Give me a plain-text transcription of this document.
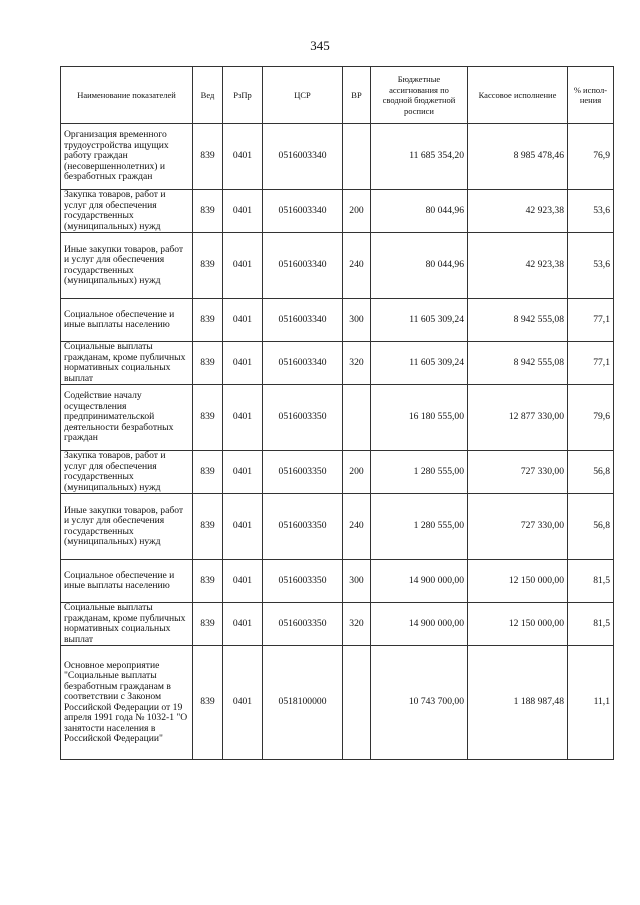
345
Наименование показателей	Вед	РзПр	ЦСР	ВР	Бюджетные ассигнования по сводной бюджетной росписи	Кассовое исполнение	% испол- нения
Организация временного трудоустройства ищущих работу граждан (несовершеннолетних) и безработных граждан	839	0401	0516003340		11 685 354,20	8 985 478,46	76,9
Закупка товаров, работ и услуг для обеспечения государственных (муниципальных) нужд	839	0401	0516003340	200	80 044,96	42 923,38	53,6
Иные закупки товаров, работ и услуг для обеспечения государственных (муниципальных) нужд	839	0401	0516003340	240	80 044,96	42 923,38	53,6
Социальное обеспечение и иные выплаты населению	839	0401	0516003340	300	11 605 309,24	8 942 555,08	77,1
Социальные выплаты гражданам, кроме публичных нормативных социальных выплат	839	0401	0516003340	320	11 605 309,24	8 942 555,08	77,1
Содействие началу осуществления предпринимательской деятельности безработных граждан	839	0401	0516003350		16 180 555,00	12 877 330,00	79,6
Закупка товаров, работ и услуг для обеспечения государственных (муниципальных) нужд	839	0401	0516003350	200	1 280 555,00	727 330,00	56,8
Иные закупки товаров, работ и услуг для обеспечения государственных (муниципальных) нужд	839	0401	0516003350	240	1 280 555,00	727 330,00	56,8
Социальное обеспечение и иные выплаты населению	839	0401	0516003350	300	14 900 000,00	12 150 000,00	81,5
Социальные выплаты гражданам, кроме публичных нормативных социальных выплат	839	0401	0516003350	320	14 900 000,00	12 150 000,00	81,5
Основное мероприятие "Социальные выплаты безработным гражданам в соответствии с Законом Российской Федерации от 19 апреля 1991 года № 1032-1 "О занятости населения в Российской Федерации"	839	0401	0518100000		10 743 700,00	1 188 987,48	11,1
